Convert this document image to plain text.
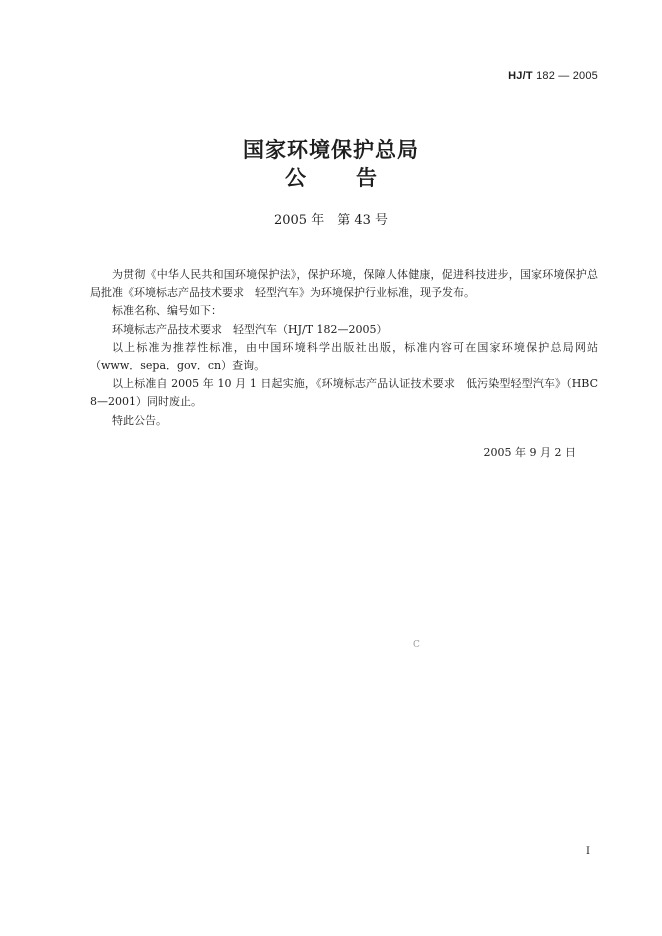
HJ/T 182 — 2005
国家环境保护总局
公告
2005 年　第 43 号

为贯彻《中华人民共和国环境保护法》，保护环境，保障人体健康，促进科技进步，国家环境保护总局批准《环境标志产品技术要求　轻型汽车》为环境保护行业标准，现予发布。

标准名称、编号如下：

环境标志产品技术要求　轻型汽车（HJ/T 182—2005）

以上标准为推荐性标准，由中国环境科学出版社出版，标准内容可在国家环境保护总局网站（www．sepa．gov．cn）查询。

以上标准自 2005 年 10 月 1 日起实施，《环境标志产品认证技术要求　低污染型轻型汽车》（HBC 8—2001）同时废止。

特此公告。

2005 年 9 月 2 日
C
I
